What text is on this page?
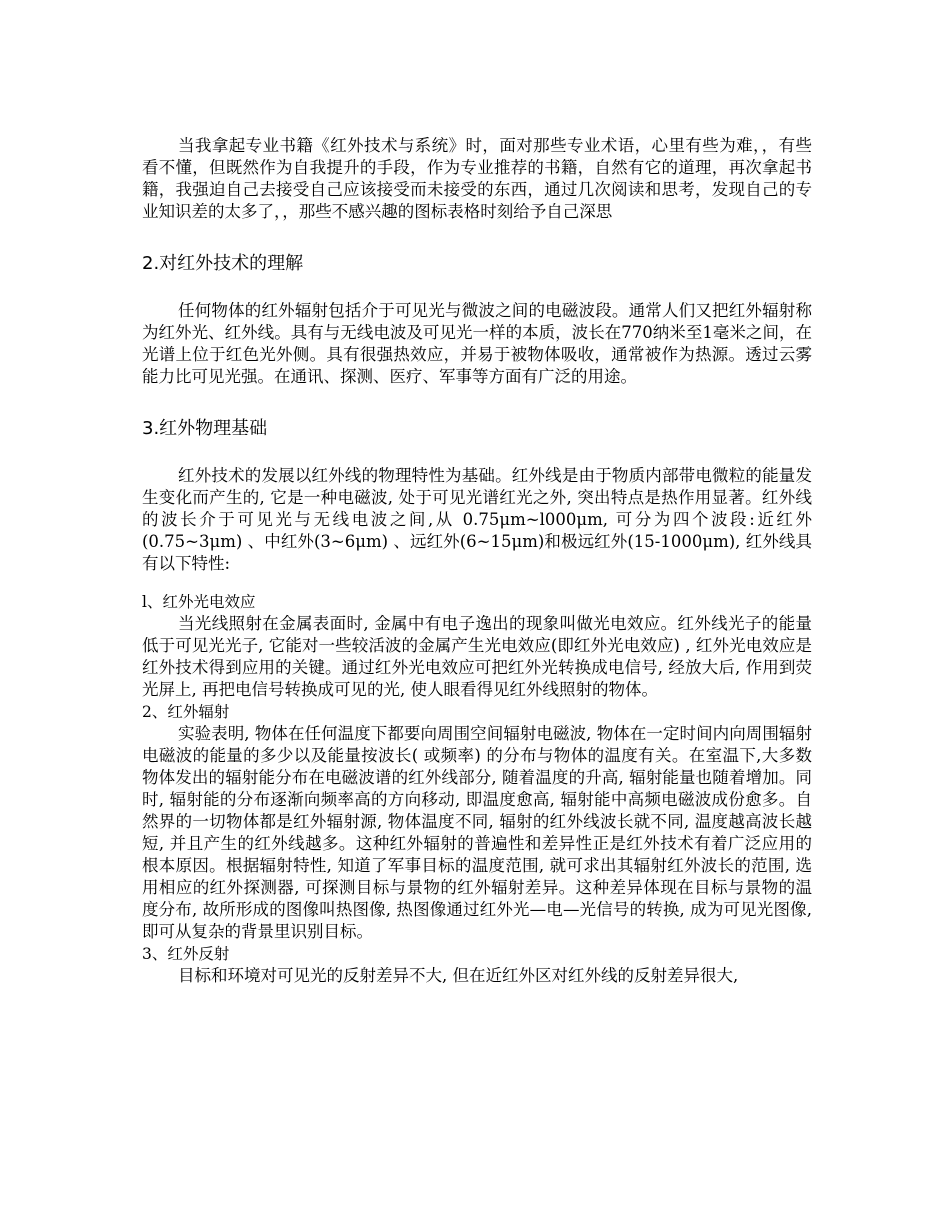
当我拿起专业书籍《红外技术与系统》时，面对那些专业术语，心里有些为难，，有些看不懂，但既然作为自我提升的手段，作为专业推荐的书籍，自然有它的道理，再次拿起书籍，我强迫自己去接受自己应该接受而未接受的东西，通过几次阅读和思考，发现自己的专业知识差的太多了，，那些不感兴趣的图标表格时刻给予自己深思

2.对红外技术的理解

任何物体的红外辐射包括介于可见光与微波之间的电磁波段。通常人们又把红外辐射称为红外光、红外线。具有与无线电波及可见光一样的本质，波长在770纳米至1毫米之间，在光谱上位于红色光外侧。具有很强热效应，并易于被物体吸收，通常被作为热源。透过云雾能力比可见光强。在通讯、探测、医疗、军事等方面有广泛的用途。

3.红外物理基础

红外技术的发展以红外线的物理特性为基础。红外线是由于物质内部带电微粒的能量发生变化而产生的, 它是一种电磁波, 处于可见光谱红光之外, 突出特点是热作用显著。红外线的波长介于可见光与无线电波之间,从 0.75μm~l000μm, 可分为四个波段:近红外(0.75~3μm) 、中红外(3~6μm) 、远红外(6~15μm)和极远红外(15-1000μm), 红外线具有以下特性:

l、红外光电效应

当光线照射在金属表面时, 金属中有电子逸出的现象叫做光电效应。红外线光子的能量低于可见光光子, 它能对一些较活波的金属产生光电效应(即红外光电效应) , 红外光电效应是红外技术得到应用的关键。通过红外光电效应可把红外光转换成电信号, 经放大后, 作用到荧光屏上, 再把电信号转换成可见的光, 使人眼看得见红外线照射的物体。

2、红外辐射

实验表明, 物体在任何温度下都要向周围空间辐射电磁波, 物体在一定时间内向周围辐射电磁波的能量的多少以及能量按波长( 或频率) 的分布与物体的温度有关。在室温下,大多数物体发出的辐射能分布在电磁波谱的红外线部分, 随着温度的升高, 辐射能量也随着增加。同时, 辐射能的分布逐渐向频率高的方向移动, 即温度愈高, 辐射能中高频电磁波成份愈多。自然界的一切物体都是红外辐射源, 物体温度不同, 辐射的红外线波长就不同, 温度越高波长越短, 并且产生的红外线越多。这种红外辐射的普遍性和差异性正是红外技术有着广泛应用的根本原因。根据辐射特性, 知道了军事目标的温度范围, 就可求出其辐射红外波长的范围, 选用相应的红外探测器, 可探测目标与景物的红外辐射差异。这种差异体现在目标与景物的温度分布, 故所形成的图像叫热图像, 热图像通过红外光—电—光信号的转换, 成为可见光图像, 即可从复杂的背景里识别目标。

3、红外反射

目标和环境对可见光的反射差异不大, 但在近红外区对红外线的反射差异很大,
